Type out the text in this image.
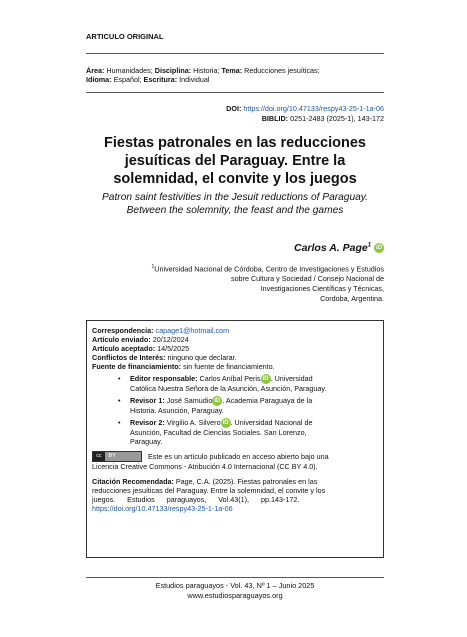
ARTICULO ORIGINAL
Área: Humanidades; Disciplina: Historia; Tema: Reducciones jesuíticas;
Idioma: Español; Escritura: Individual
DOI: https://doi.org/10.47133/respy43-25-1-1a-06
BIBLID: 0251-2483 (2025-1), 143-172
Fiestas patronales en las reducciones
jesuíticas del Paraguay. Entre la
solemnidad, el convite y los juegos
Patron saint festivities in the Jesuit reductions of Paraguay.
Between the solemnity, the feast and the games
Carlos A. Page$^1$ iD
$^1$Universidad Nacional de Córdoba, Centro de Investigaciones y Estudios
sobre Cultura y Sociedad / Consejo Nacional de
Investigaciones Científicas y Técnicas,
Cordoba, Argentina.
Correspondencia: capage1@hotmail.com
Artículo enviado: 20/12/2024
Artículo aceptado: 14/5/2025
Conflictos de Interés: ninguno que declarar.
Fuente de financiamiento: sin fuente de financiamiento.
• Editor responsable: Carlos Aníbal Peris iD . Universidad
Católica Nuestra Señora de la Asunción, Asunción, Paraguay.
• Revisor 1: José Samudio iD . Academia Paraguaya de la
Historia. Asunción, Paraguay.
• Revisor 2: Virgilio A. Silvero iD . Universidad Nacional de
Asunción, Facultad de Ciencias Sociales. San Lorenzo,
Paraguay.
cc BY	Este es un artículo publicado en acceso abierto bajo una
Licencia Creative Commons - Atribución 4.0 Internacional (CC BY 4.0).
Citación Recomendada: Page, C.A. (2025). Fiestas patronales en las
reducciones jesuíticas del Paraguay. Entre la solemnidad, el convite y los
juegos.      Estudios      paraguayos,      Vol.43(1),      pp.143-172.
https://doi.org/10.47133/respy43-25-1-1a-06
Estudios paraguayos - Vol. 43, Nº 1 – Junio 2025
www.estudiosparaguayos.org
